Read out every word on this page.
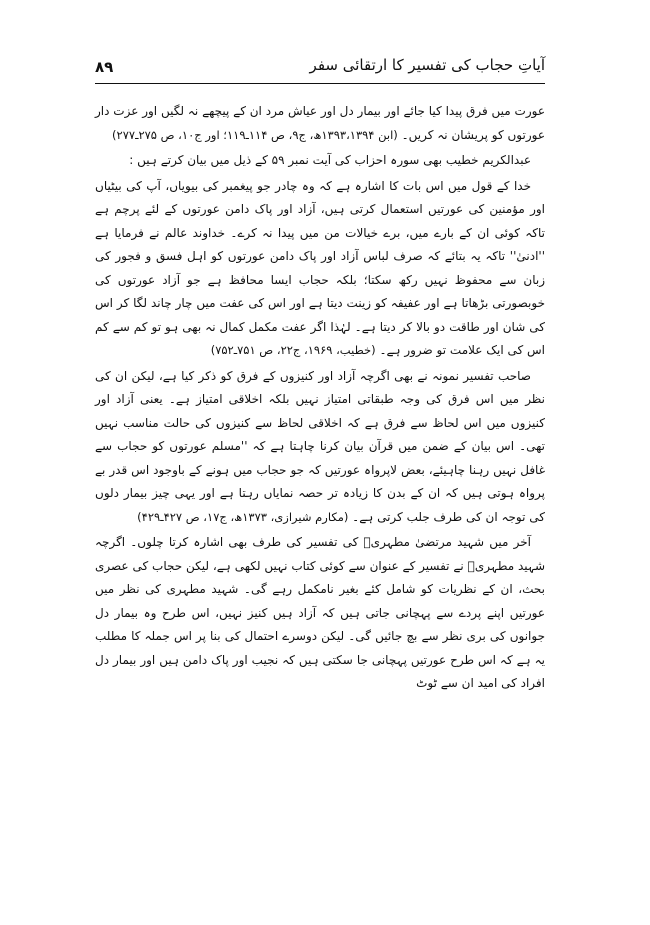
۸۹	آیاتِ حجاب کی تفسیر کا ارتقائی سفر

عورت میں فرق پیدا کیا جائے اور بیمار دل اور عیاش مرد ان کے پیچھے نہ لگیں اور عزت دار عورتوں کو پریشان نہ کریں۔ (ابن ۱۳۹۳،۱۳۹۴ھ، ج۹، ص ۱۱۴ـ۱۱۹؛ اور ج۱۰، ص ۲۷۵ـ۲۷۷)

عبدالکریم خطیب بھی سورہ احزاب کی آیت نمبر ۵۹ کے ذیل میں بیان کرتے ہیں :

خدا کے قول میں اس بات کا اشارہ ہے کہ وہ چادر جو پیغمبر کی بیویاں، آپ کی بیٹیاں اور مؤمنین کی عورتیں استعمال کرتی ہیں، آزاد اور پاک دامن عورتوں کے لئے پرچم ہے تاکہ کوئی ان کے بارے میں، برے خیالات من میں پیدا نہ کرے۔ خداوند عالم نے فرمایا ہے ''ادنیٰ'' تاکہ یہ بتائے کہ صرف لباس آزاد اور پاک دامن عورتوں کو اہل فسق و فجور کی زبان سے محفوظ نہیں رکھ سکتا؛ بلکہ حجاب ایسا محافظ ہے جو آزاد عورتوں کی خوبصورتی بڑھاتا ہے اور عفیفہ کو زینت دیتا ہے اور اس کی عفت میں چار چاند لگا کر اس کی شان اور طاقت دو بالا کر دیتا ہے۔ لہٰذا اگر عفت مکمل کمال نہ بھی ہو تو کم سے کم اس کی ایک علامت تو ضرور ہے۔ (خطیب، ۱۹۶۹، ج۲۲، ص ۷۵۱ـ۷۵۲)

صاحب تفسیر نمونہ نے بھی اگرچہ آزاد اور کنیزوں کے فرق کو ذکر کیا ہے، لیکن ان کی نظر میں اس فرق کی وجہ طبقاتی امتیاز نہیں بلکہ اخلاقی امتیاز ہے۔ یعنی آزاد اور کنیزوں میں اس لحاظ سے فرق ہے کہ اخلاقی لحاظ سے کنیزوں کی حالت مناسب نہیں تھی۔ اس بیان کے ضمن میں قرآن بیان کرنا چاہتا ہے کہ ''مسلم عورتوں کو حجاب سے غافل نہیں رہنا چاہیئے، بعض لاپرواہ عورتیں کہ جو حجاب میں ہونے کے باوجود اس قدر بے پرواہ ہوتی ہیں کہ ان کے بدن کا زیادہ تر حصہ نمایاں رہتا ہے اور یہی چیز بیمار دلوں کی توجہ ان کی طرف جلب کرتی ہے۔ (مکارم شیرازی، ۱۳۷۳ھ، ج۱۷، ص ۴۲۷ـ۴۲۹)

آخر میں شہید مرتضیٰ مطہریؒ کی تفسیر کی طرف بھی اشارہ کرتا چلوں۔ اگرچہ شہید مطہریؒ نے تفسیر کے عنوان سے کوئی کتاب نہیں لکھی ہے، لیکن حجاب کی عصری بحث، ان کے نظریات کو شامل کئے بغیر نامکمل رہے گی۔ شہید مطہری کی نظر میں عورتیں اپنے پردے سے پہچانی جاتی ہیں کہ آزاد ہیں کنیز نہیں، اس طرح وہ بیمار دل جوانوں کی بری نظر سے بچ جائیں گی۔ لیکن دوسرے احتمال کی بنا پر اس جملہ کا مطلب یہ ہے کہ اس طرح عورتیں پہچانی جا سکتی ہیں کہ نجیب اور پاک دامن ہیں اور بیمار دل افراد کی امید ان سے ٹوٹ
